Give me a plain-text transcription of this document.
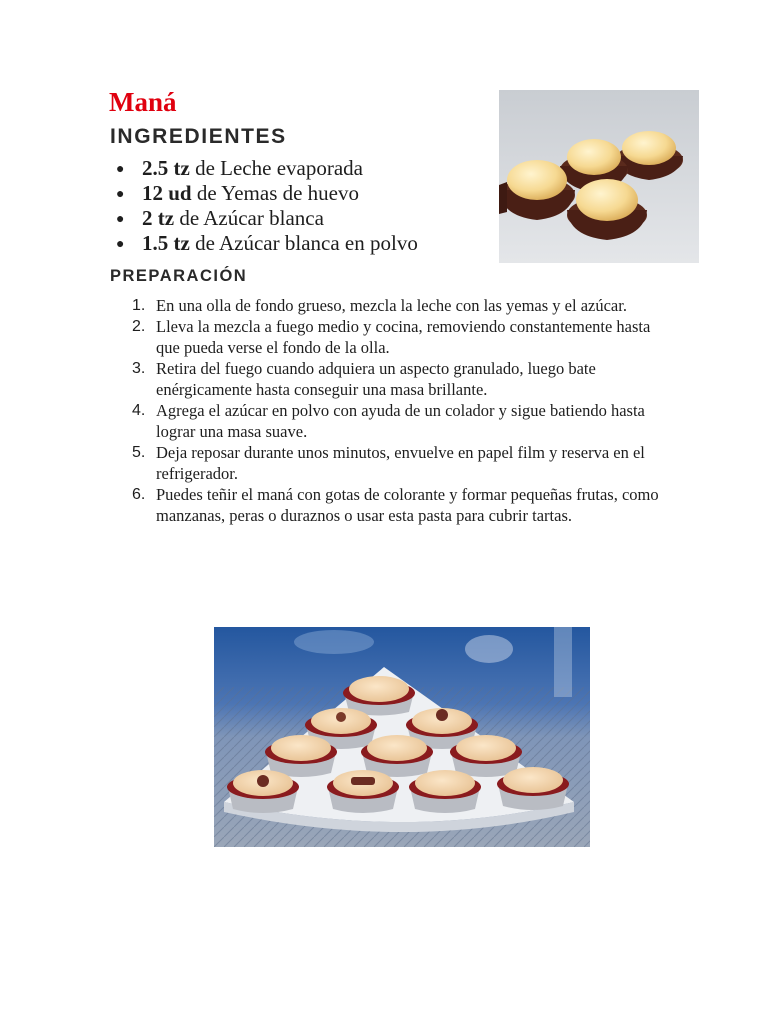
Maná
INGREDIENTES
● 2.5 tz de Leche evaporada
● 12 ud de Yemas de huevo
● 2 tz de Azúcar blanca
● 1.5 tz de Azúcar blanca en polvo
PREPARACIÓN
1. En una olla de fondo grueso, mezcla la leche con las yemas y el azúcar.
2. Lleva la mezcla a fuego medio y cocina, removiendo constantemente hasta que pueda verse el fondo de la olla.
3. Retira del fuego cuando adquiera un aspecto granulado, luego bate enérgicamente hasta conseguir una masa brillante.
4. Agrega el azúcar en polvo con ayuda de un colador y sigue batiendo hasta lograr una masa suave.
5. Deja reposar durante unos minutos, envuelve en papel film y reserva en el refrigerador.
6. Puedes teñir el maná con gotas de colorante y formar pequeñas frutas, como manzanas, peras o duraznos o usar esta pasta para cubrir tartas.
